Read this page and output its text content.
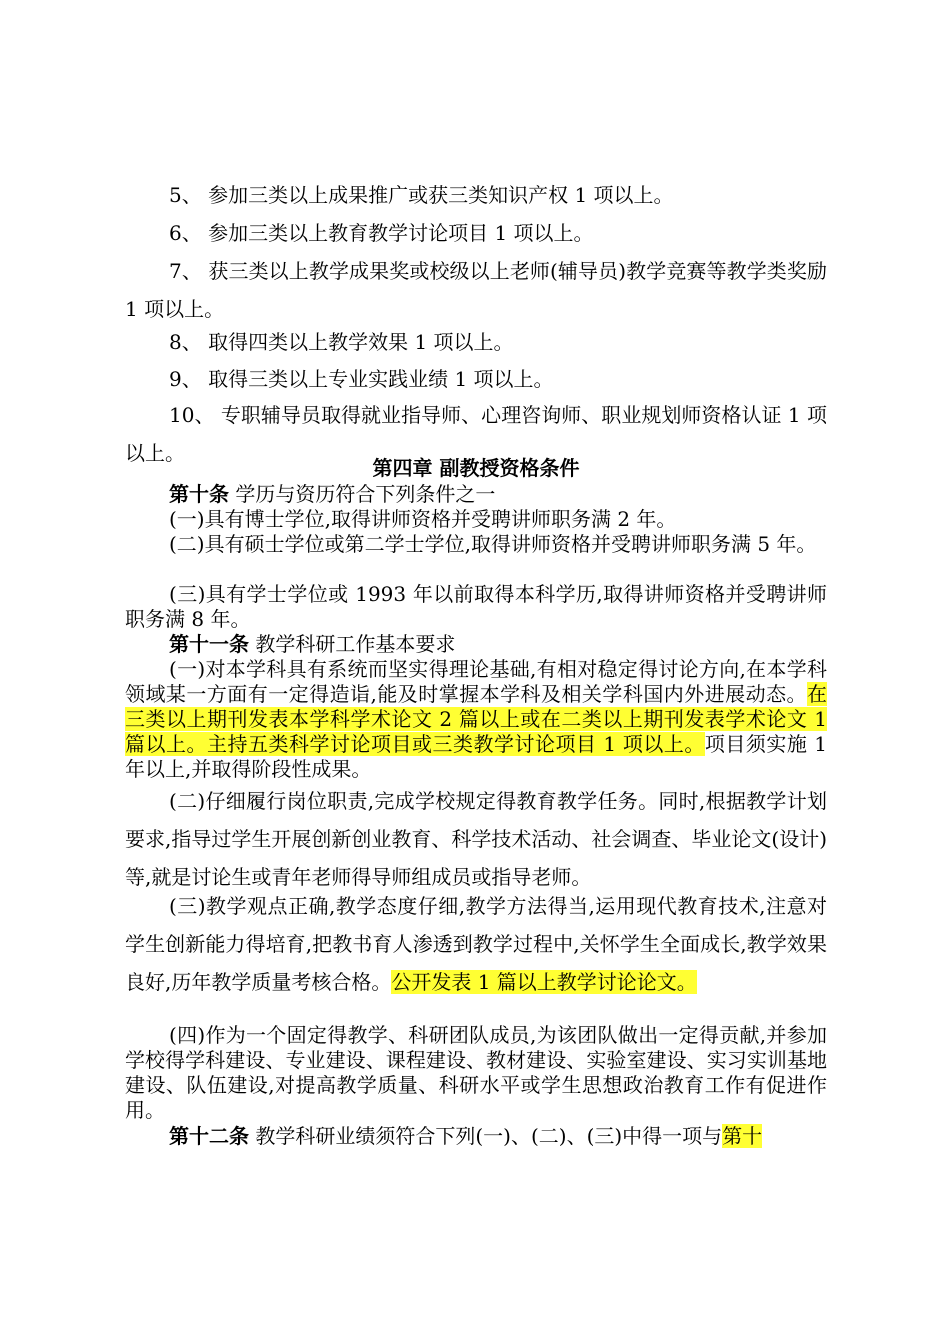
5、 参加三类以上成果推广或获三类知识产权 1 项以上。

6、 参加三类以上教育教学讨论项目 1 项以上。

7、 获三类以上教学成果奖或校级以上老师(辅导员)教学竞赛等教学类奖励 1 项以上。

8、 取得四类以上教学效果 1 项以上。

9、 取得三类以上专业实践业绩 1 项以上。

10、 专职辅导员取得就业指导师、心理咨询师、职业规划师资格认证 1 项以上。

第四章 副教授资格条件

第十条 学历与资历符合下列条件之一

(一)具有博士学位,取得讲师资格并受聘讲师职务满 2 年。

(二)具有硕士学位或第二学士学位,取得讲师资格并受聘讲师职务满 5 年。

(三)具有学士学位或 1993 年以前取得本科学历,取得讲师资格并受聘讲师职务满 8 年。

第十一条 教学科研工作基本要求

(一)对本学科具有系统而坚实得理论基础,有相对稳定得讨论方向,在本学科领域某一方面有一定得造诣,能及时掌握本学科及相关学科国内外进展动态。在三类以上期刊发表本学科学术论文 2 篇以上或在二类以上期刊发表学术论文 1 篇以上。主持五类科学讨论项目或三类教学讨论项目 1 项以上。项目须实施 1 年以上,并取得阶段性成果。

(二)仔细履行岗位职责,完成学校规定得教育教学任务。同时,根据教学计划要求,指导过学生开展创新创业教育、科学技术活动、社会调查、毕业论文(设计)等,就是讨论生或青年老师得导师组成员或指导老师。

(三)教学观点正确,教学态度仔细,教学方法得当,运用现代教育技术,注意对学生创新能力得培育,把教书育人渗透到教学过程中,关怀学生全面成长,教学效果良好,历年教学质量考核合格。公开发表 1 篇以上教学讨论论文。

(四)作为一个固定得教学、科研团队成员,为该团队做出一定得贡献,并参加学校得学科建设、专业建设、课程建设、教材建设、实验室建设、实习实训基地建设、队伍建设,对提高教学质量、科研水平或学生思想政治教育工作有促进作用。

第十二条 教学科研业绩须符合下列(一)、(二)、(三)中得一项与第十
